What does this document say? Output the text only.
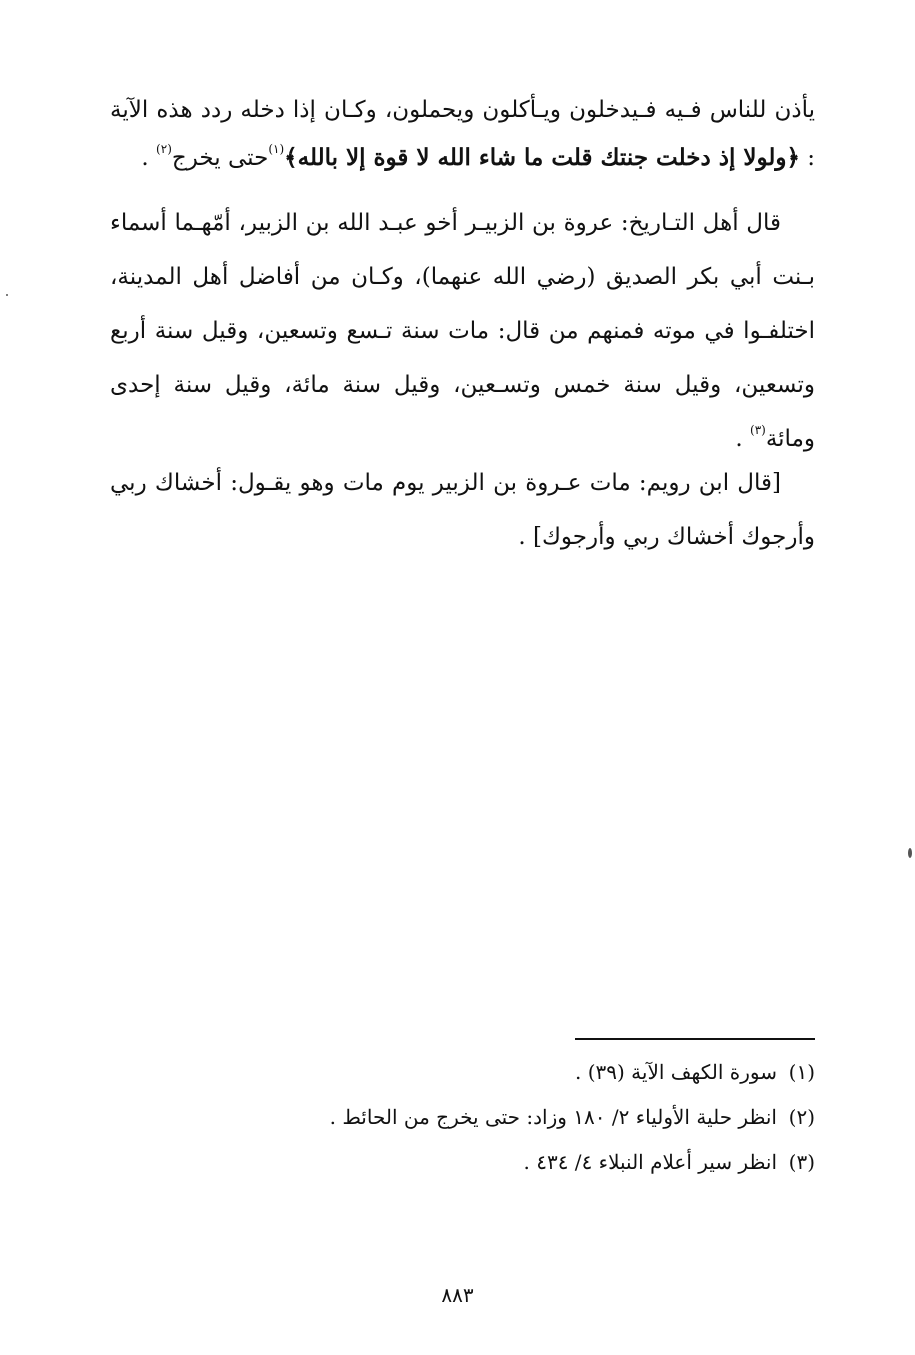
يأذن للناس فـيه فـيدخلون ويـأكلون ويحملون، وكـان إذا دخله ردد هذه الآية : ﴿ولولا إذ دخلت جنتك قلت ما شاء الله لا قوة إلا بالله﴾$^{(١)}$حتى يخرج$^{(٢)}$ .
قال أهل التـاريخ: عروة بن الزبيـر أخو عبـد الله بن الزبير، أمّهـما أسماء بـنت أبي بكر الصديق (رضي الله عنهما)، وكـان من أفاضل أهل المدينة، اختلفـوا في موته فمنهم من قال: مات سنة تـسع وتسعين، وقيل سنة أربع وتسعين، وقيل سنة خمس وتسـعين، وقيل سنة مائة، وقيل سنة إحدى ومائة$^{(٣)}$ .
[قال ابن رويم: مات عـروة بن الزبير يوم مات وهو يقـول: أخشاك ربي وأرجوك أخشاك ربي وأرجوك] .
(١)سورة الكهف الآية (٣٩) .
(٢)انظر حلية الأولياء ٢/ ١٨٠ وزاد: حتى يخرج من الحائط .
(٣)انظر سير أعلام النبلاء ٤/ ٤٣٤ .
٨٨٣
